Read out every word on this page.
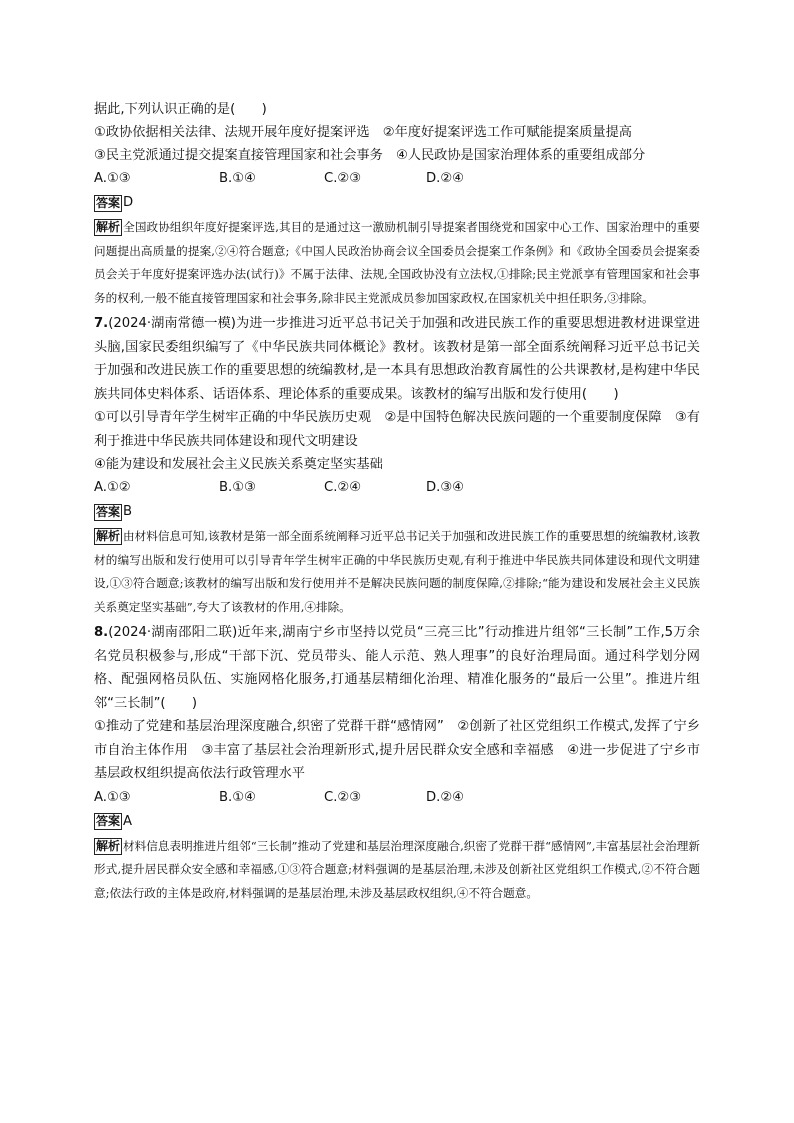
据此,下列认识正确的是(　　)
①政协依据相关法律、法规开展年度好提案评选　②年度好提案评选工作可赋能提案质量提高
③民主党派通过提交提案直接管理国家和社会事务　④人民政协是国家治理体系的重要组成部分
A.①③	B.①④	C.②③	D.②④
答案 D
解析 全国政协组织年度好提案评选,其目的是通过这一激励机制引导提案者围绕党和国家中心工作、国家治理中的重要问题提出高质量的提案,②④符合题意;《中国人民政治协商会议全国委员会提案工作条例》和《政协全国委员会提案委员会关于年度好提案评选办法(试行)》不属于法律、法规,全国政协没有立法权,①排除;民主党派享有管理国家和社会事务的权利,一般不能直接管理国家和社会事务,除非民主党派成员参加国家政权,在国家机关中担任职务,③排除。
7.(2024·湖南常德一模)为进一步推进习近平总书记关于加强和改进民族工作的重要思想进教材进课堂进头脑,国家民委组织编写了《中华民族共同体概论》教材。该教材是第一部全面系统阐释习近平总书记关于加强和改进民族工作的重要思想的统编教材,是一本具有思想政治教育属性的公共课教材,是构建中华民族共同体史料体系、话语体系、理论体系的重要成果。该教材的编写出版和发行使用(　　)
①可以引导青年学生树牢正确的中华民族历史观　②是中国特色解决民族问题的一个重要制度保障　③有利于推进中华民族共同体建设和现代文明建设
④能为建设和发展社会主义民族关系奠定坚实基础
A.①②	B.①③	C.②④	D.③④
答案 B
解析 由材料信息可知,该教材是第一部全面系统阐释习近平总书记关于加强和改进民族工作的重要思想的统编教材,该教材的编写出版和发行使用可以引导青年学生树牢正确的中华民族历史观,有利于推进中华民族共同体建设和现代文明建设,①③符合题意;该教材的编写出版和发行使用并不是解决民族问题的制度保障,②排除;“能为建设和发展社会主义民族关系奠定坚实基础”,夸大了该教材的作用,④排除。
8.(2024·湖南邵阳二联)近年来,湖南宁乡市坚持以党员“三亮三比”行动推进片组邻“三长制”工作,5万余名党员积极参与,形成“干部下沉、党员带头、能人示范、熟人理事”的良好治理局面。通过科学划分网格、配强网格员队伍、实施网格化服务,打通基层精细化治理、精准化服务的“最后一公里”。推进片组邻“三长制”(　　)
①推动了党建和基层治理深度融合,织密了党群干群“感情网”　②创新了社区党组织工作模式,发挥了宁乡市自治主体作用　③丰富了基层社会治理新形式,提升居民群众安全感和幸福感　④进一步促进了宁乡市基层政权组织提高依法行政管理水平
A.①③	B.①④	C.②③	D.②④
答案 A
解析 材料信息表明推进片组邻“三长制”推动了党建和基层治理深度融合,织密了党群干群“感情网”,丰富基层社会治理新形式,提升居民群众安全感和幸福感,①③符合题意;材料强调的是基层治理,未涉及创新社区党组织工作模式,②不符合题意;依法行政的主体是政府,材料强调的是基层治理,未涉及基层政权组织,④不符合题意。
